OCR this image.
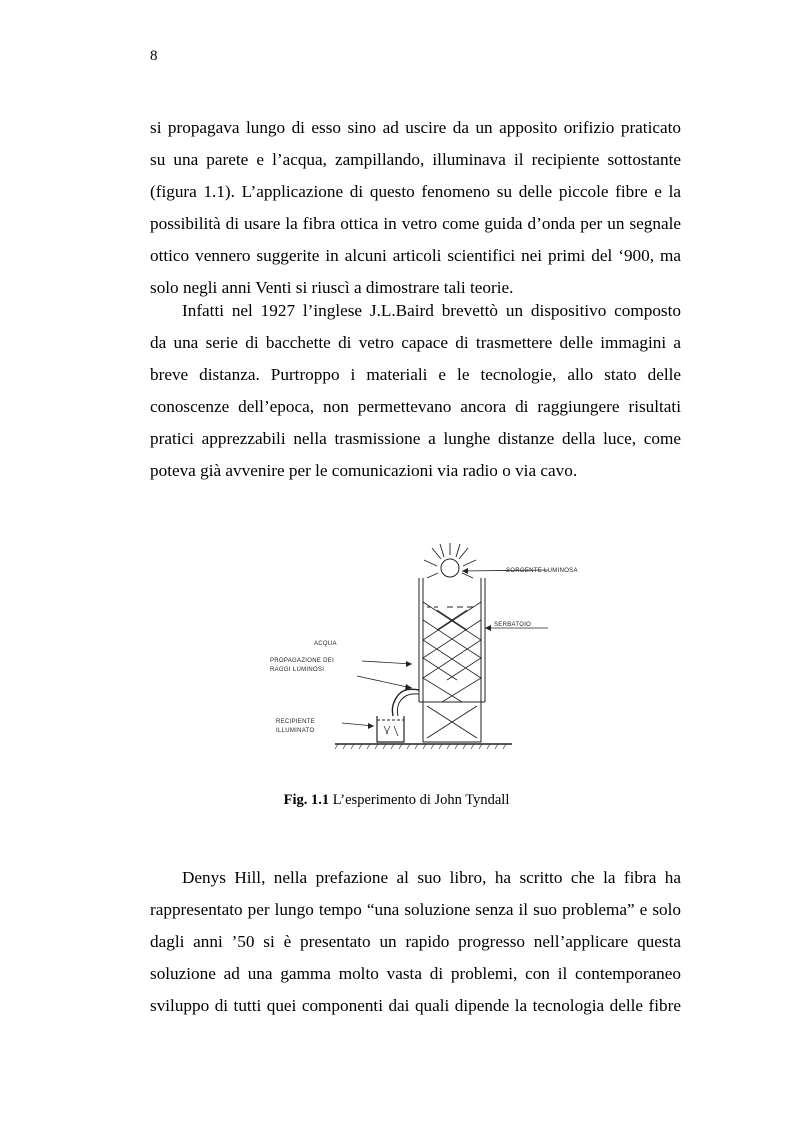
8

si propagava lungo di esso sino ad uscire da un apposito orifizio praticato
su una parete e l’acqua, zampillando, illuminava il recipiente sottostante
(figura 1.1). L’applicazione di questo fenomeno su delle piccole fibre e la
possibilità di usare la fibra ottica in vetro come guida d’onda per un segnale
ottico vennero suggerite in alcuni articoli scientifici nei primi del ‘900, ma
solo negli anni Venti si riuscì a dimostrare tali teorie.

Infatti nel 1927 l’inglese J.L.Baird brevettò un dispositivo composto
da una serie di bacchette di vetro capace di trasmettere delle immagini a
breve distanza. Purtroppo i materiali e le tecnologie, allo stato delle
conoscenze dell’epoca, non permettevano ancora di raggiungere risultati
pratici apprezzabili nella trasmissione a lunghe distanze della luce, come
poteva già avvenire per le comunicazioni via radio o via cavo.

SORGENTE LUMINOSA
SERBATOIO
ACQUA
PROPAGAZIONE DEI
RAGGI LUMINOSI
RECIPIENTE
ILLUMINATO
Fig. 1.1 L’esperimento di John Tyndall

Denys Hill, nella prefazione al suo libro, ha scritto che la fibra ha
rappresentato per lungo tempo “una soluzione senza il suo problema” e solo
dagli anni ’50 si è presentato un rapido progresso nell’applicare questa
soluzione ad una gamma molto vasta di problemi, con il contemporaneo
sviluppo di tutti quei componenti dai quali dipende la tecnologia delle fibre
